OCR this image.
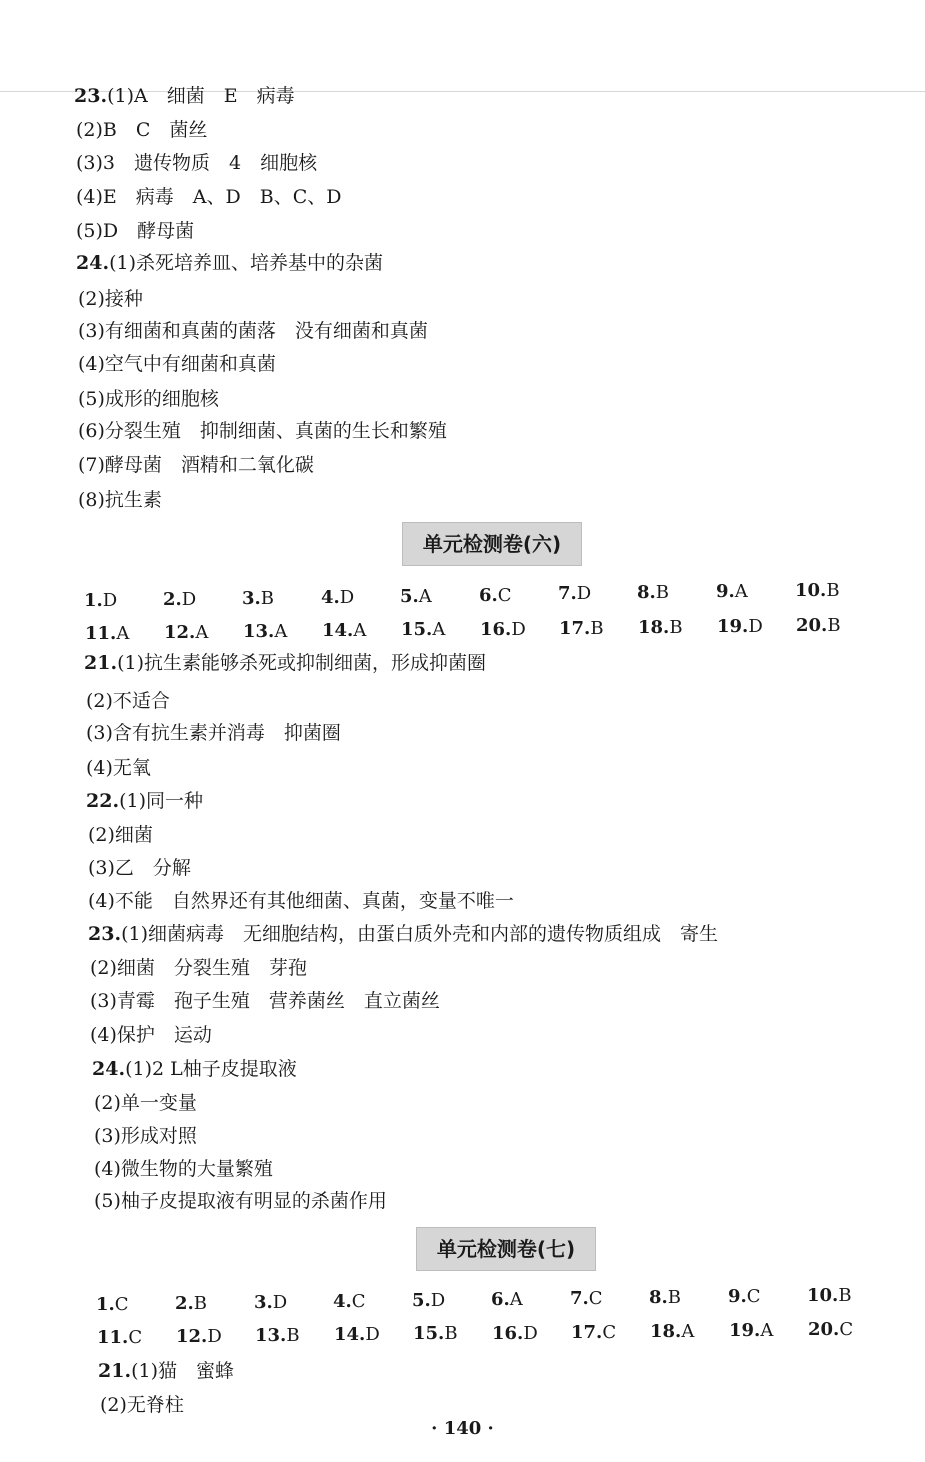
23.(1)A　细菌　E　病毒
(2)B　C　菌丝
(3)3　遗传物质　4　细胞核
(4)E　病毒　A、D　B、C、D
(5)D　酵母菌
24.(1)杀死培养皿、培养基中的杂菌
(2)接种
(3)有细菌和真菌的菌落　没有细菌和真菌
(4)空气中有细菌和真菌
(5)成形的细胞核
(6)分裂生殖　抑制细菌、真菌的生长和繁殖
(7)酵母菌　酒精和二氧化碳
(8)抗生素
单元检测卷(六)
1.D	2.D	3.B	4.D	5.A	6.C	7.D	8.B	9.A	10.B
11.A 12.A 13.A 14.A 15.A 16.D 17.B 18.B 19.D 20.B
21.(1)抗生素能够杀死或抑制细菌，形成抑菌圈
(2)不适合
(3)含有抗生素并消毒　抑菌圈
(4)无氧
22.(1)同一种
(2)细菌
(3)乙　分解
(4)不能　自然界还有其他细菌、真菌，变量不唯一
23.(1)细菌病毒　无细胞结构，由蛋白质外壳和内部的遗传物质组成　寄生
(2)细菌　分裂生殖　芽孢
(3)青霉　孢子生殖　营养菌丝　直立菌丝
(4)保护　运动
24.(1)2 L柚子皮提取液
(2)单一变量
(3)形成对照
(4)微生物的大量繁殖
(5)柚子皮提取液有明显的杀菌作用
单元检测卷(七)
1.C	2.B	3.D	4.C	5.D	6.A	7.C	8.B	9.C	10.B
11.C 12.D 13.B 14.D 15.B 16.D 17.C 18.A 19.A 20.C
21.(1)猫　蜜蜂
(2)无脊柱
· 140 ·
